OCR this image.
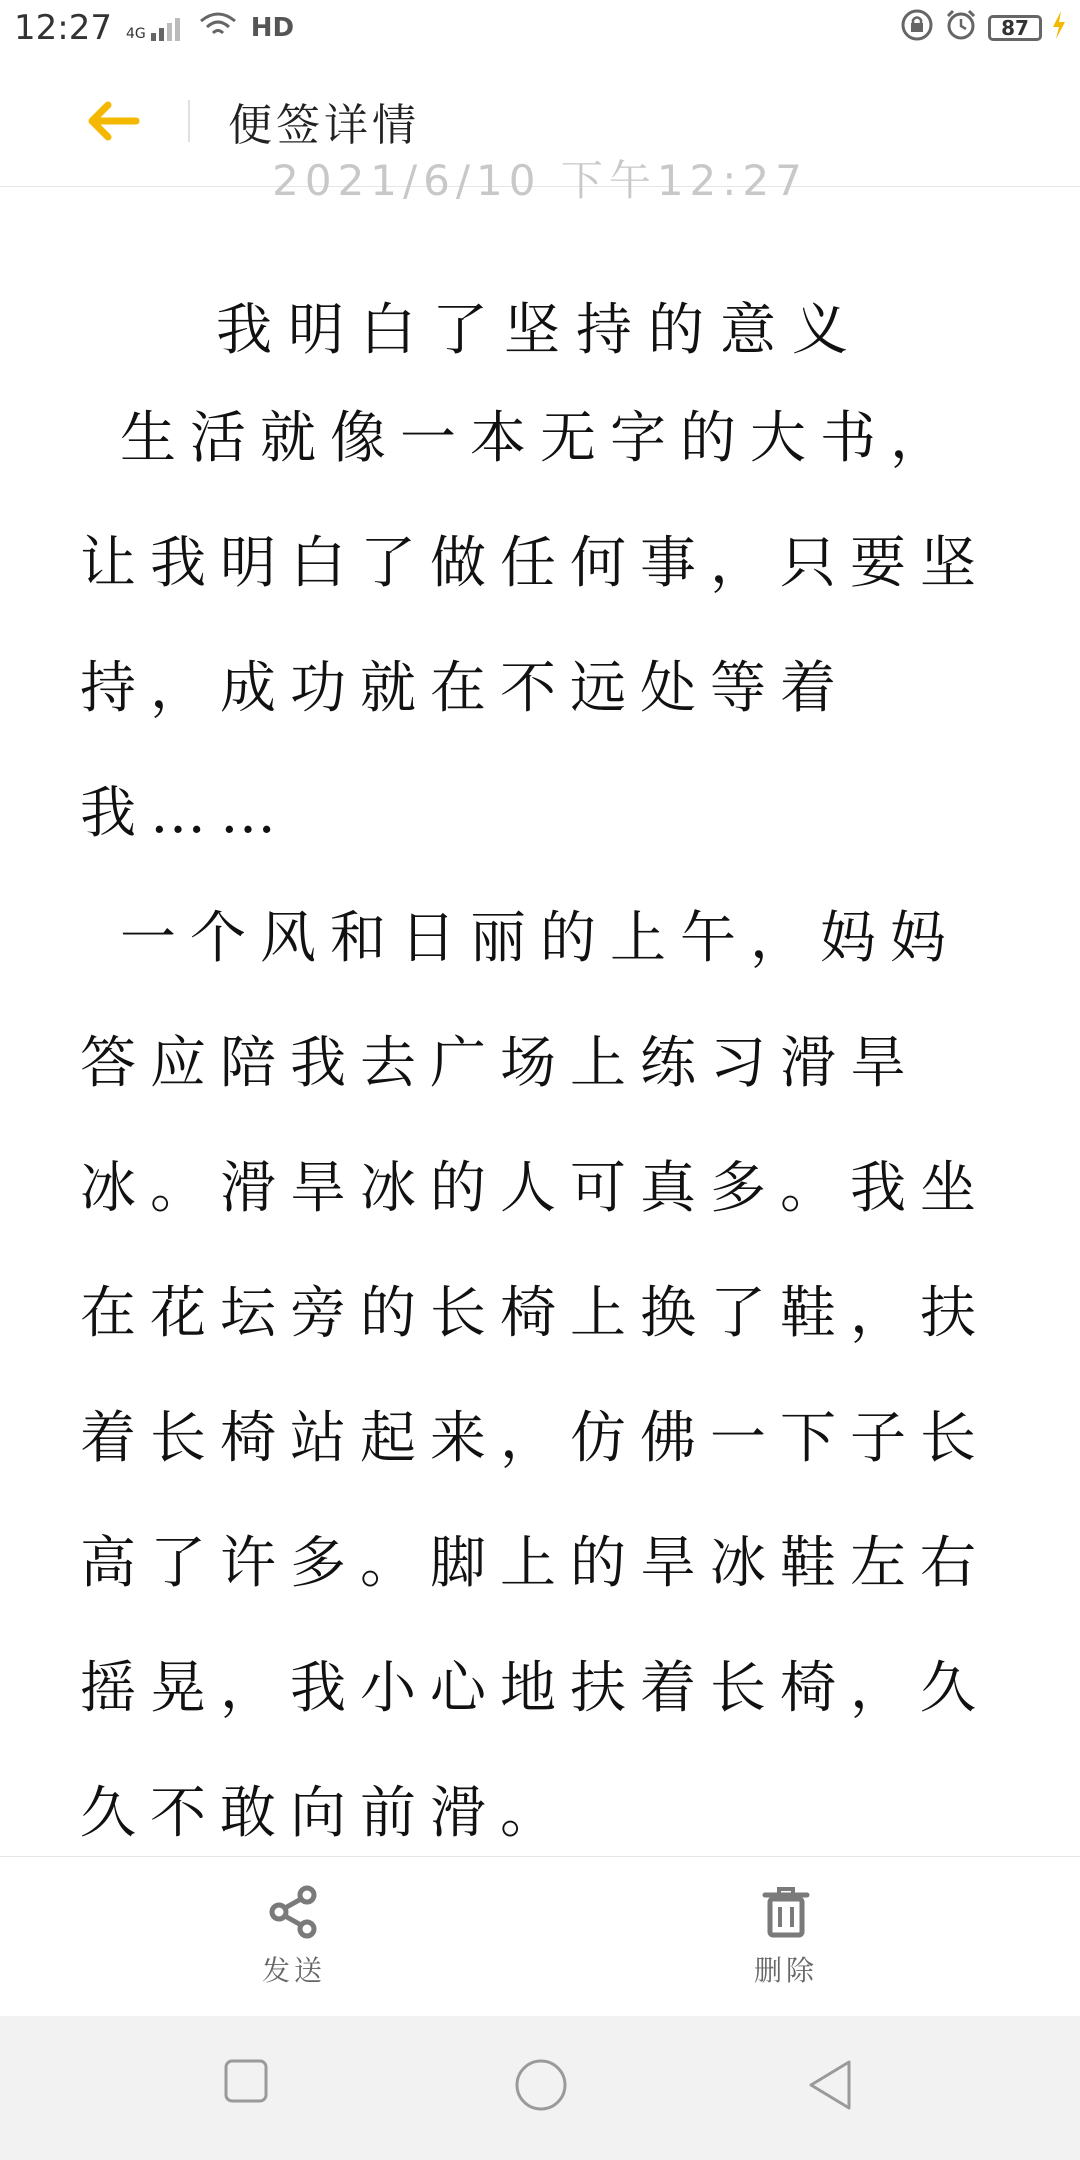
12:27 4G	HD	87
便签详情
2021/6/10 下午12:27
我明白了坚持的意义

生活就像一本无字的大书，让我明白了做任何事，只要坚持，成功就在不远处等着我……

一个风和日丽的上午，妈妈答应陪我去广场上练习滑旱冰。滑旱冰的人可真多。我坐在花坛旁的长椅上换了鞋，扶着长椅站起来，仿佛一下子长高了许多。脚上的旱冰鞋左右摇晃，我小心地扶着长椅，久久不敢向前滑。

发送	删除
